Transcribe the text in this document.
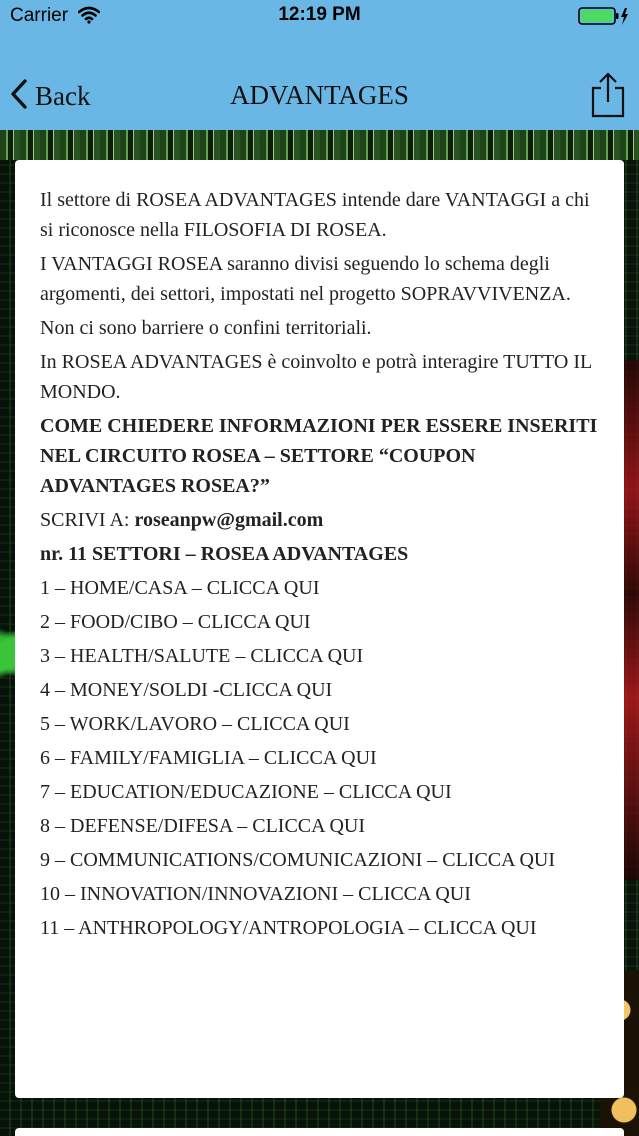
Carrier	12:19 PM
Back	ADVANTAGES

Il settore di ROSEA ADVANTAGES intende dare VANTAGGI a chi si riconosce nella FILOSOFIA DI ROSEA.

I VANTAGGI ROSEA saranno divisi seguendo lo schema degli argomenti, dei settori, impostati nel progetto SOPRAVVIVENZA.

Non ci sono barriere o confini territoriali.

In ROSEA ADVANTAGES è coinvolto e potrà interagire TUTTO IL MONDO.

COME CHIEDERE INFORMAZIONI PER ESSERE INSERITI NEL CIRCUITO ROSEA – SETTORE “COUPON ADVANTAGES ROSEA?”

SCRIVI A: roseanpw@gmail.com

nr. 11 SETTORI – ROSEA ADVANTAGES

1 – HOME/CASA – CLICCA QUI

2 – FOOD/CIBO – CLICCA QUI

3 – HEALTH/SALUTE – CLICCA QUI

4 – MONEY/SOLDI -CLICCA QUI

5 – WORK/LAVORO – CLICCA QUI

6 – FAMILY/FAMIGLIA – CLICCA QUI

7 – EDUCATION/EDUCAZIONE – CLICCA QUI

8 – DEFENSE/DIFESA – CLICCA QUI

9 – COMMUNICATIONS/COMUNICAZIONI – CLICCA QUI

10 – INNOVATION/INNOVAZIONI – CLICCA QUI

11 – ANTHROPOLOGY/ANTROPOLOGIA – CLICCA QUI
